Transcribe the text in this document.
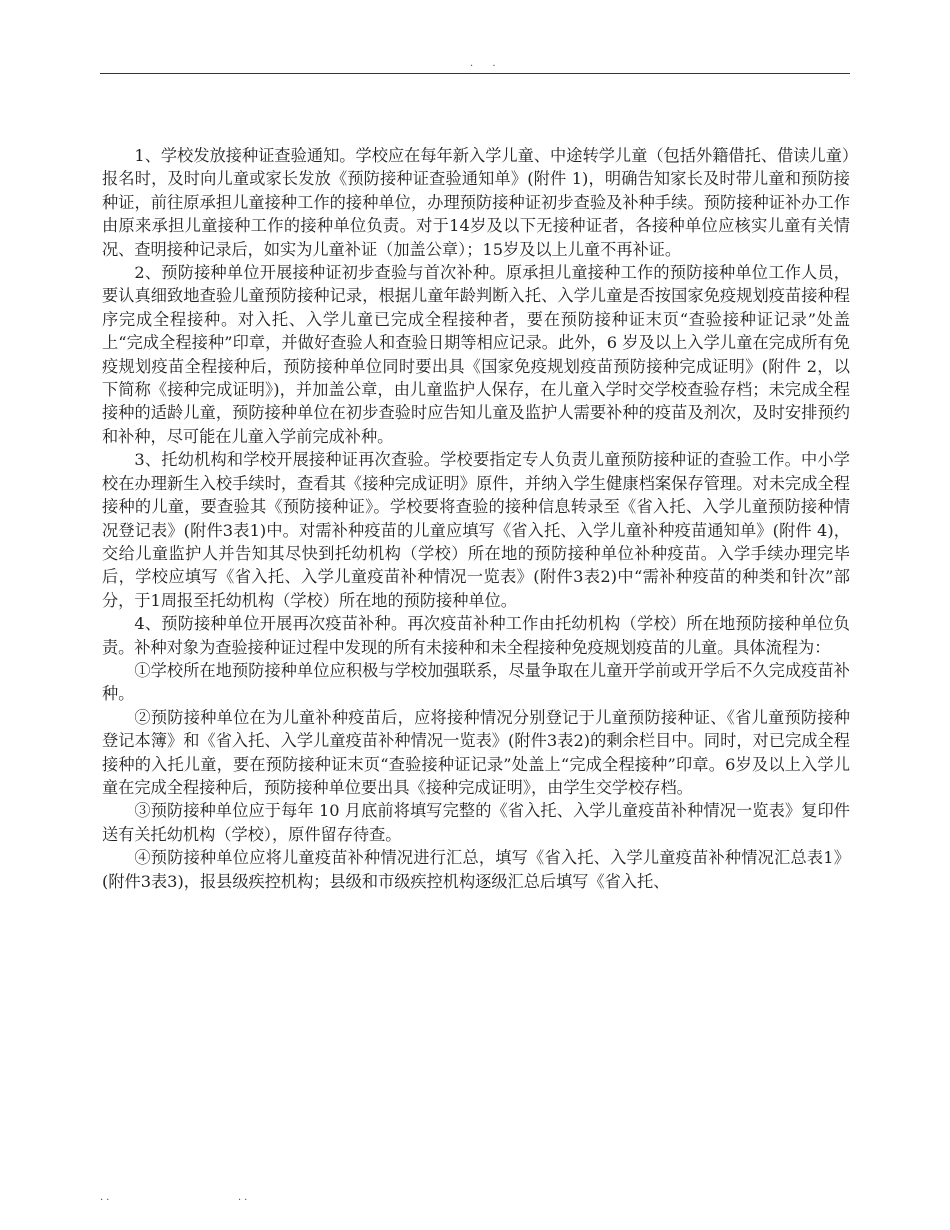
. .

1、学校发放接种证查验通知。学校应在每年新入学儿童、中途转学儿童（包括外籍借托、借读儿童）报名时，及时向儿童或家长发放《预防接种证查验通知单》(附件 1)，明确告知家长及时带儿童和预防接种证，前往原承担儿童接种工作的接种单位，办理预防接种证初步查验及补种手续。预防接种证补办工作由原来承担儿童接种工作的接种单位负责。对于14岁及以下无接种证者，各接种单位应核实儿童有关情况、查明接种记录后，如实为儿童补证（加盖公章）；15岁及以上儿童不再补证。

2、预防接种单位开展接种证初步查验与首次补种。原承担儿童接种工作的预防接种单位工作人员，要认真细致地查验儿童预防接种记录，根据儿童年龄判断入托、入学儿童是否按国家免疫规划疫苗接种程序完成全程接种。对入托、入学儿童已完成全程接种者，要在预防接种证末页“查验接种证记录”处盖上“完成全程接种”印章，并做好查验人和查验日期等相应记录。此外，6 岁及以上入学儿童在完成所有免疫规划疫苗全程接种后，预防接种单位同时要出具《国家免疫规划疫苗预防接种完成证明》(附件 2，以下简称《接种完成证明》)，并加盖公章，由儿童监护人保存，在儿童入学时交学校查验存档；未完成全程接种的适龄儿童，预防接种单位在初步查验时应告知儿童及监护人需要补种的疫苗及剂次，及时安排预约和补种，尽可能在儿童入学前完成补种。

3、托幼机构和学校开展接种证再次查验。学校要指定专人负责儿童预防接种证的查验工作。中小学校在办理新生入校手续时，查看其《接种完成证明》原件，并纳入学生健康档案保存管理。对未完成全程接种的儿童，要查验其《预防接种证》。学校要将查验的接种信息转录至《省入托、入学儿童预防接种情况登记表》(附件3表1)中。对需补种疫苗的儿童应填写《省入托、入学儿童补种疫苗通知单》(附件 4)，交给儿童监护人并告知其尽快到托幼机构（学校）所在地的预防接种单位补种疫苗。入学手续办理完毕后，学校应填写《省入托、入学儿童疫苗补种情况一览表》(附件3表2)中“需补种疫苗的种类和针次”部分，于1周报至托幼机构（学校）所在地的预防接种单位。

4、预防接种单位开展再次疫苗补种。再次疫苗补种工作由托幼机构（学校）所在地预防接种单位负责。补种对象为查验接种证过程中发现的所有未接种和未全程接种免疫规划疫苗的儿童。具体流程为：

①学校所在地预防接种单位应积极与学校加强联系，尽量争取在儿童开学前或开学后不久完成疫苗补种。

②预防接种单位在为儿童补种疫苗后，应将接种情况分别登记于儿童预防接种证、《省儿童预防接种登记本簿》和《省入托、入学儿童疫苗补种情况一览表》(附件3表2)的剩余栏目中。同时，对已完成全程接种的入托儿童，要在预防接种证末页“查验接种证记录”处盖上“完成全程接种”印章。6岁及以上入学儿童在完成全程接种后，预防接种单位要出具《接种完成证明》，由学生交学校存档。

③预防接种单位应于每年 10 月底前将填写完整的《省入托、入学儿童疫苗补种情况一览表》复印件送有关托幼机构（学校），原件留存待查。

④预防接种单位应将儿童疫苗补种情况进行汇总，填写《省入托、入学儿童疫苗补种情况汇总表1》(附件3表3)，报县级疾控机构；县级和市级疾控机构逐级汇总后填写《省入托、

..	..
